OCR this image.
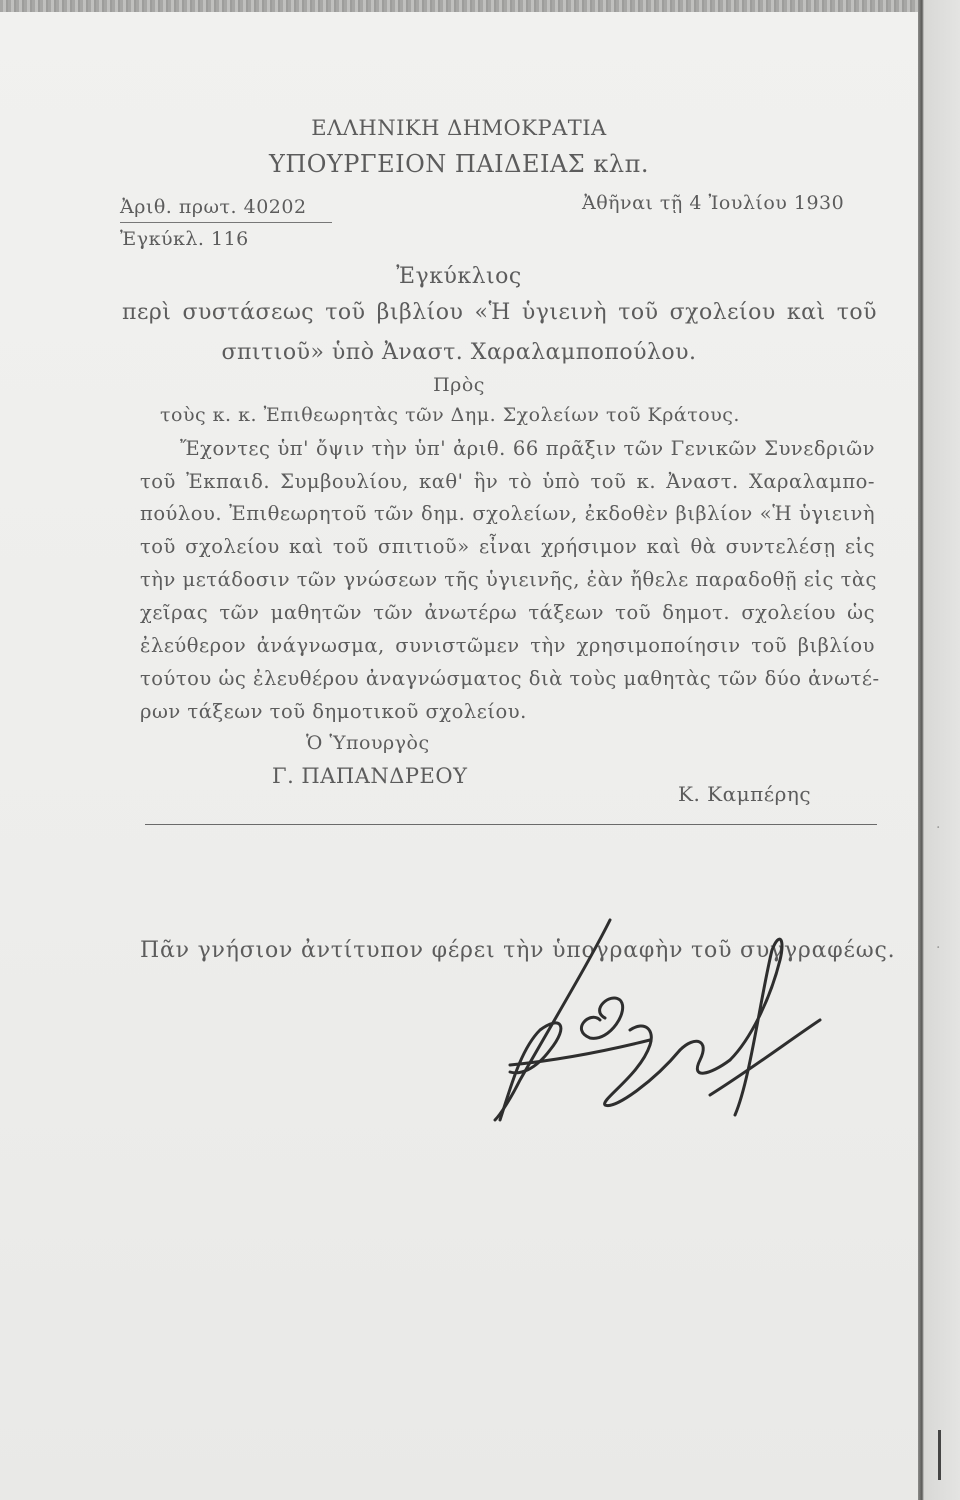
ΕΛΛΗΝΙΚΗ ΔΗΜΟΚΡΑΤΙΑ
ΥΠΟΥΡΓΕΙΟΝ ΠΑΙΔΕΙΑΣ κλπ.
Ἀριθ. πρωτ. 40202	Ἀθῆναι τῇ 4 Ἰουλίου 1930
Ἐγκύκλ. 116
Ἐγκύκλιος
περὶ συστάσεως τοῦ βιβλίου «Ἡ ὑγιεινὴ τοῦ σχολείου καὶ τοῦ
σπιτιοῦ» ὑπὸ Ἀναστ. Χαραλαμποπούλου.
Πρὸς
τοὺς κ. κ. Ἐπιθεωρητὰς τῶν Δημ. Σχολείων τοῦ Κράτους.
Ἔχοντες ὑπ' ὄψιν τὴν ὑπ' ἀριθ. 66 πρᾶξιν τῶν Γενικῶν Συνεδριῶν
τοῦ Ἐκπαιδ. Συμβουλίου, καθ' ἣν τὸ ὑπὸ τοῦ κ. Ἀναστ. Χαραλαμπο-
πούλου. Ἐπιθεωρητοῦ τῶν δημ. σχολείων, ἐκδοθὲν βιβλίον «Ἡ ὑγιεινὴ
τοῦ σχολείου καὶ τοῦ σπιτιοῦ» εἶναι χρήσιμον καὶ θὰ συντελέσῃ εἰς
τὴν μετάδοσιν τῶν γνώσεων τῆς ὑγιεινῆς, ἐὰν ἤθελε παραδοθῇ εἰς τὰς
χεῖρας τῶν μαθητῶν τῶν ἀνωτέρω τάξεων τοῦ δημοτ. σχολείου ὡς
ἐλεύθερον ἀνάγνωσμα, συνιστῶμεν τὴν χρησιμοποίησιν τοῦ βιβλίου
τούτου ὡς ἐλευθέρου ἀναγνώσματος διὰ τοὺς μαθητὰς τῶν δύο ἀνωτέ-
ρων τάξεων τοῦ δημοτικοῦ σχολείου.
Ὁ Ὑπουργὸς
Γ. ΠΑΠΑΝΔΡΕΟΥ
Κ. Καμπέρης
Πᾶν γνήσιον ἀντίτυπον φέρει τὴν ὑπογραφὴν τοῦ συγγραφέως.
·
·
